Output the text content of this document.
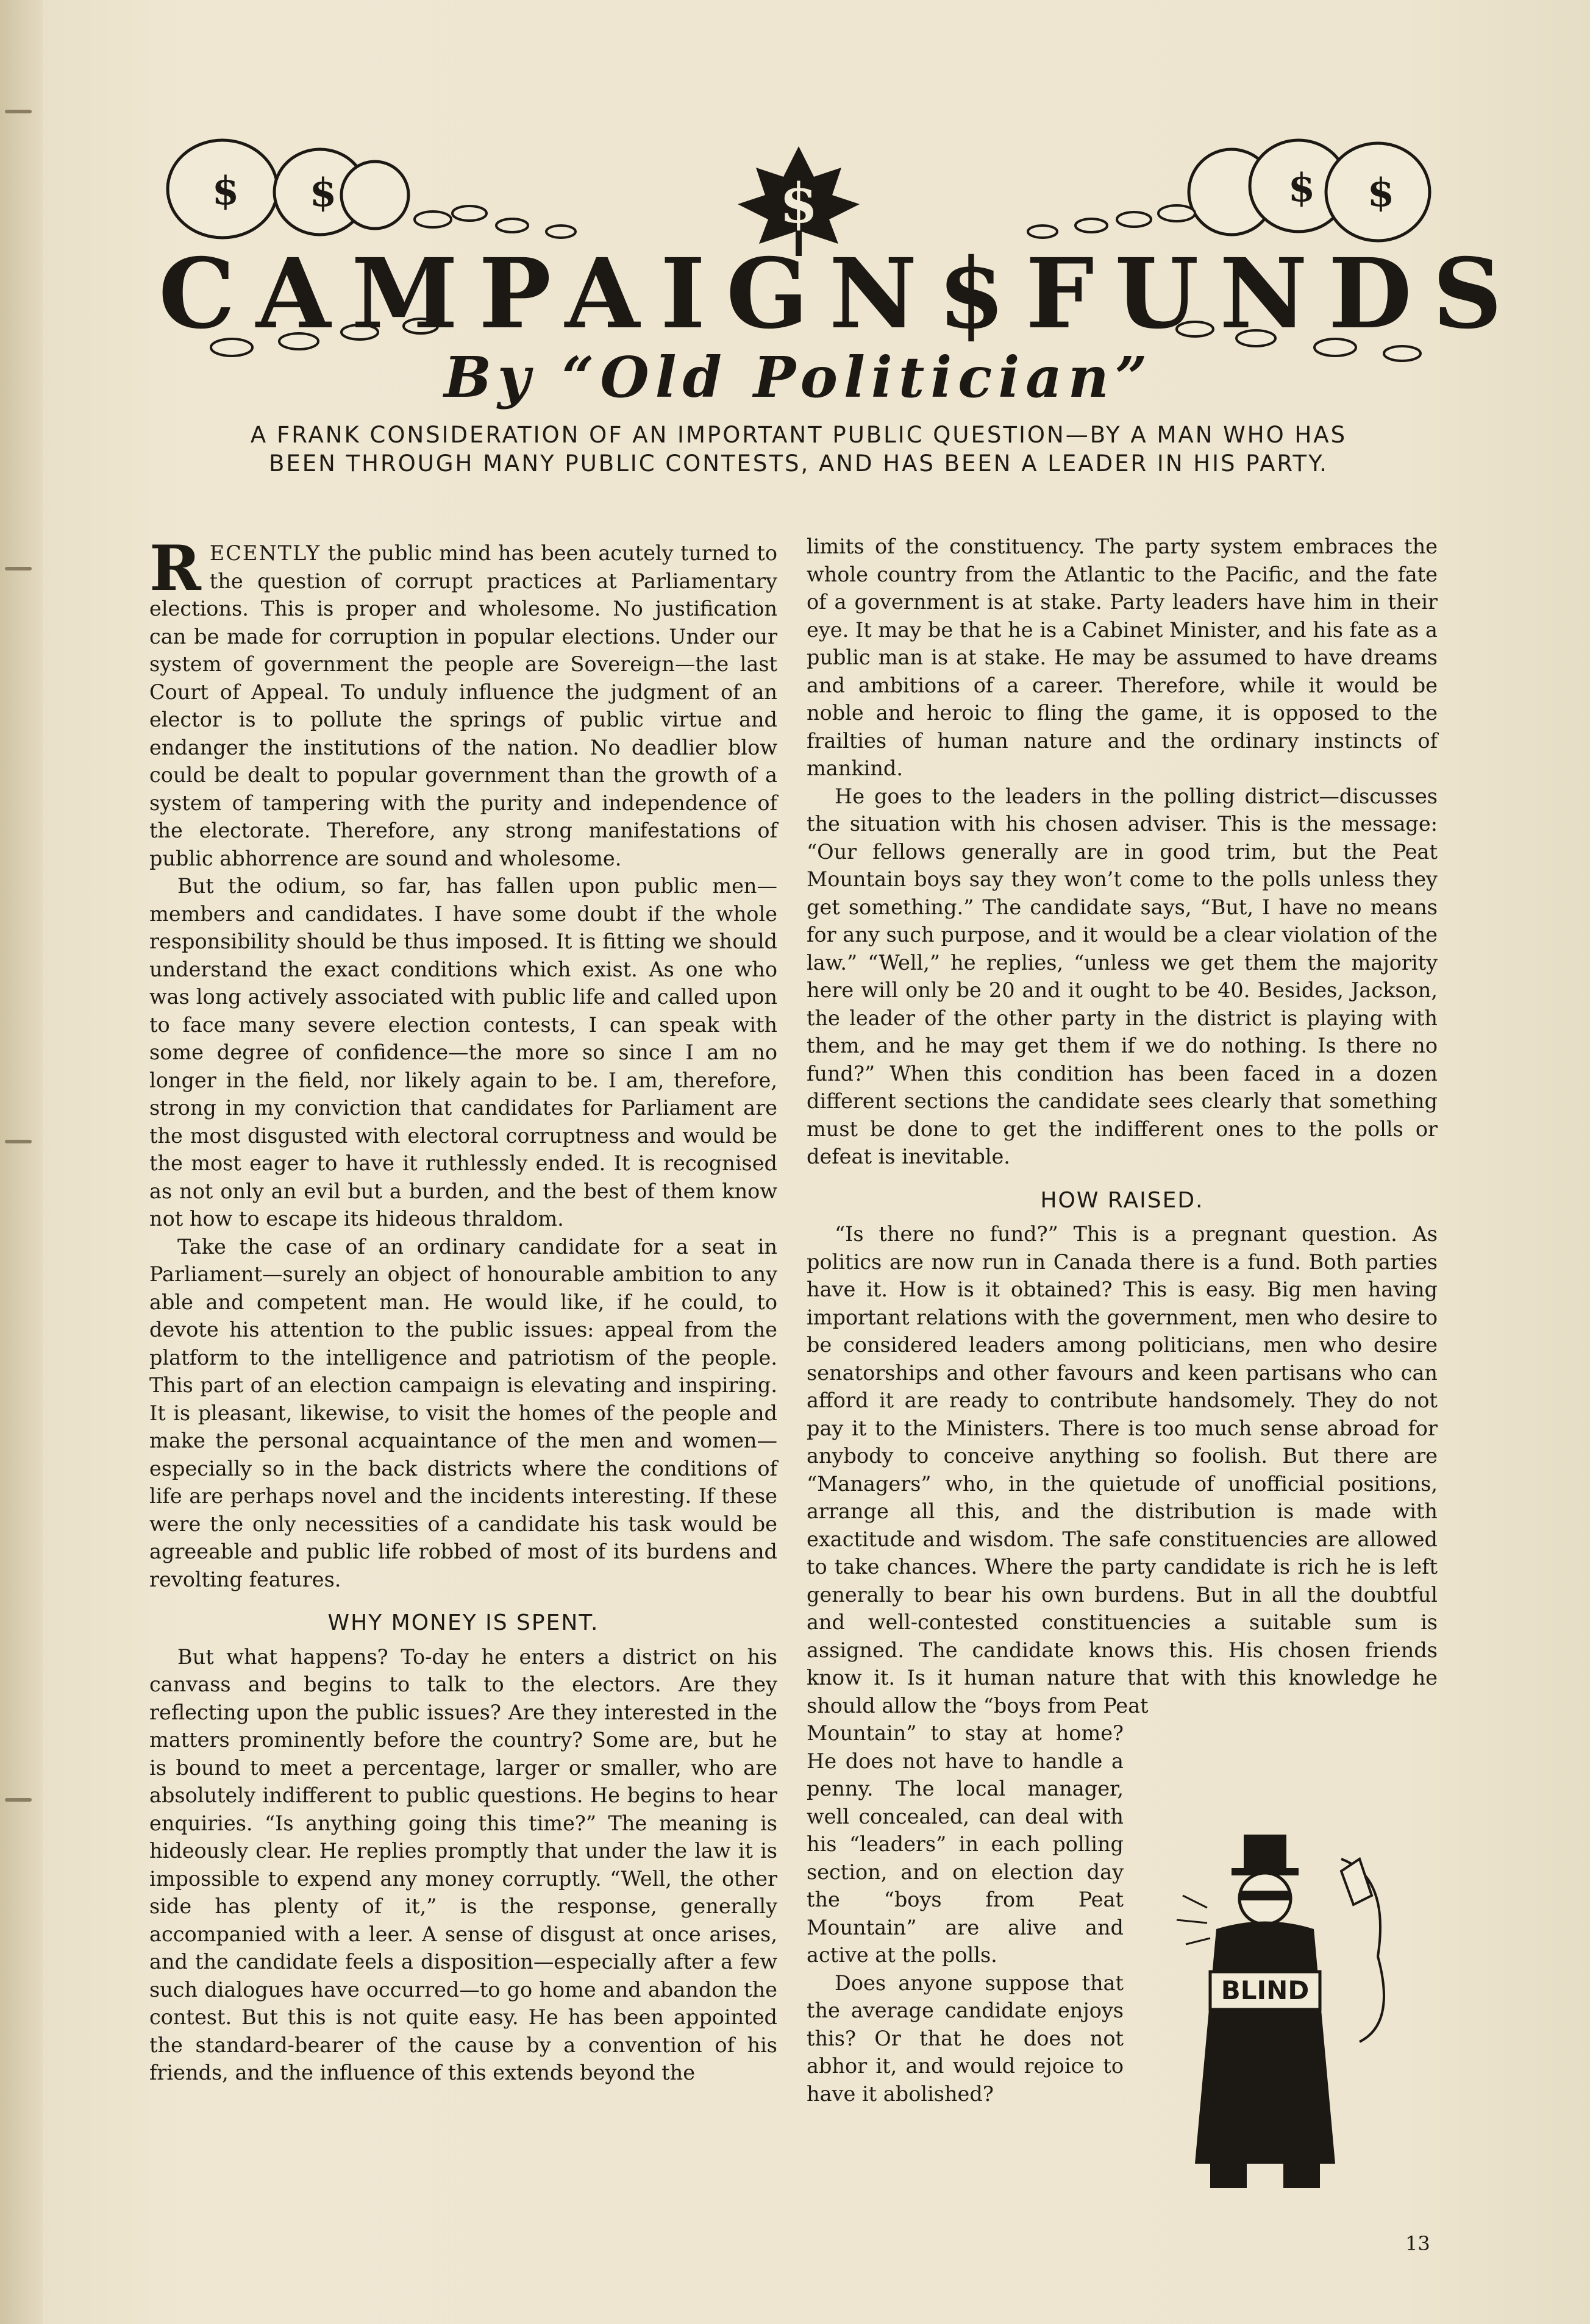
$ $	$ $
$
CAMPAIGN$FUNDS
By “Old Politician”
A FRANK CONSIDERATION OF AN IMPORTANT PUBLIC QUESTION—BY A MAN WHO HAS BEEN THROUGH MANY PUBLIC CONTESTS, AND HAS BEEN A LEADER IN HIS PARTY.

RECENTLY the public mind has been acutely turned to the question of corrupt practices at Parliamentary elections. This is proper and wholesome. No justification can be made for corruption in popular elections. Under our system of government the people are Sovereign—the last Court of Appeal. To unduly influence the judgment of an elector is to pollute the springs of public virtue and endanger the institutions of the nation. No deadlier blow could be dealt to popular government than the growth of a system of tampering with the purity and independence of the electorate. Therefore, any strong manifestations of public abhorrence are sound and wholesome.

But the odium, so far, has fallen upon public men—members and candidates. I have some doubt if the whole responsibility should be thus imposed. It is fitting we should understand the exact conditions which exist. As one who was long actively associated with public life and called upon to face many severe election contests, I can speak with some degree of confidence—the more so since I am no longer in the field, nor likely again to be. I am, therefore, strong in my conviction that candidates for Parliament are the most disgusted with electoral corruptness and would be the most eager to have it ruthlessly ended. It is recognised as not only an evil but a burden, and the best of them know not how to escape its hideous thraldom.

Take the case of an ordinary candidate for a seat in Parliament—surely an object of honourable ambition to any able and competent man. He would like, if he could, to devote his attention to the public issues: appeal from the platform to the intelligence and patriotism of the people. This part of an election campaign is elevating and inspiring. It is pleasant, likewise, to visit the homes of the people and make the personal acquaintance of the men and women—especially so in the back districts where the conditions of life are perhaps novel and the incidents interesting. If these were the only necessities of a candidate his task would be agreeable and public life robbed of most of its burdens and revolting features.

WHY MONEY IS SPENT.

But what happens? To-day he enters a district on his canvass and begins to talk to the electors. Are they reflecting upon the public issues? Are they interested in the matters prominently before the country? Some are, but he is bound to meet a percentage, larger or smaller, who are absolutely indifferent to public questions. He begins to hear enquiries. “Is anything going this time?” The meaning is hideously clear. He replies promptly that under the law it is impossible to expend any money corruptly. “Well, the other side has plenty of it,” is the response, generally accompanied with a leer. A sense of disgust at once arises, and the candidate feels a disposition—especially after a few such dialogues have occurred—to go home and abandon the contest. But this is not quite easy. He has been appointed the standard-bearer of the cause by a convention of his friends, and the influence of this extends beyond the

limits of the constituency. The party system embraces the whole country from the Atlantic to the Pacific, and the fate of a government is at stake. Party leaders have him in their eye. It may be that he is a Cabinet Minister, and his fate as a public man is at stake. He may be assumed to have dreams and ambitions of a career. Therefore, while it would be noble and heroic to fling the game, it is opposed to the frailties of human nature and the ordinary instincts of mankind.

He goes to the leaders in the polling district—discusses the situation with his chosen adviser. This is the message: “Our fellows generally are in good trim, but the Peat Mountain boys say they won’t come to the polls unless they get something.” The candidate says, “But, I have no means for any such purpose, and it would be a clear violation of the law.” “Well,” he replies, “unless we get them the majority here will only be 20 and it ought to be 40. Besides, Jackson, the leader of the other party in the district is playing with them, and he may get them if we do nothing. Is there no fund?” When this condition has been faced in a dozen different sections the candidate sees clearly that something must be done to get the indifferent ones to the polls or defeat is inevitable.

HOW RAISED.

“Is there no fund?” This is a pregnant question. As politics are now run in Canada there is a fund. Both parties have it. How is it obtained? This is easy. Big men having important relations with the government, men who desire to be considered leaders among politicians, men who desire senatorships and other favours and keen partisans who can afford it are ready to contribute handsomely. They do not pay it to the Ministers. There is too much sense abroad for anybody to conceive anything so foolish. But there are “Managers” who, in the quietude of unofficial positions, arrange all this, and the distribution is made with exactitude and wisdom. The safe constituencies are allowed to take chances. Where the party candidate is rich he is left generally to bear his own burdens. But in all the doubtful and well-contested constituencies a suitable sum is assigned. The candidate knows this. His chosen friends know it. Is it human nature that with this knowledge he should allow the “boys from Peat

Mountain” to stay at home? He does not have to handle a penny. The local manager, well concealed, can deal with his “leaders” in each polling section, and on election day the “boys from Peat Mountain” are alive and active at the polls.

Does anyone suppose that the average candidate enjoys this? Or that he does not abhor it, and would rejoice to have it abolished?

BLIND
13
